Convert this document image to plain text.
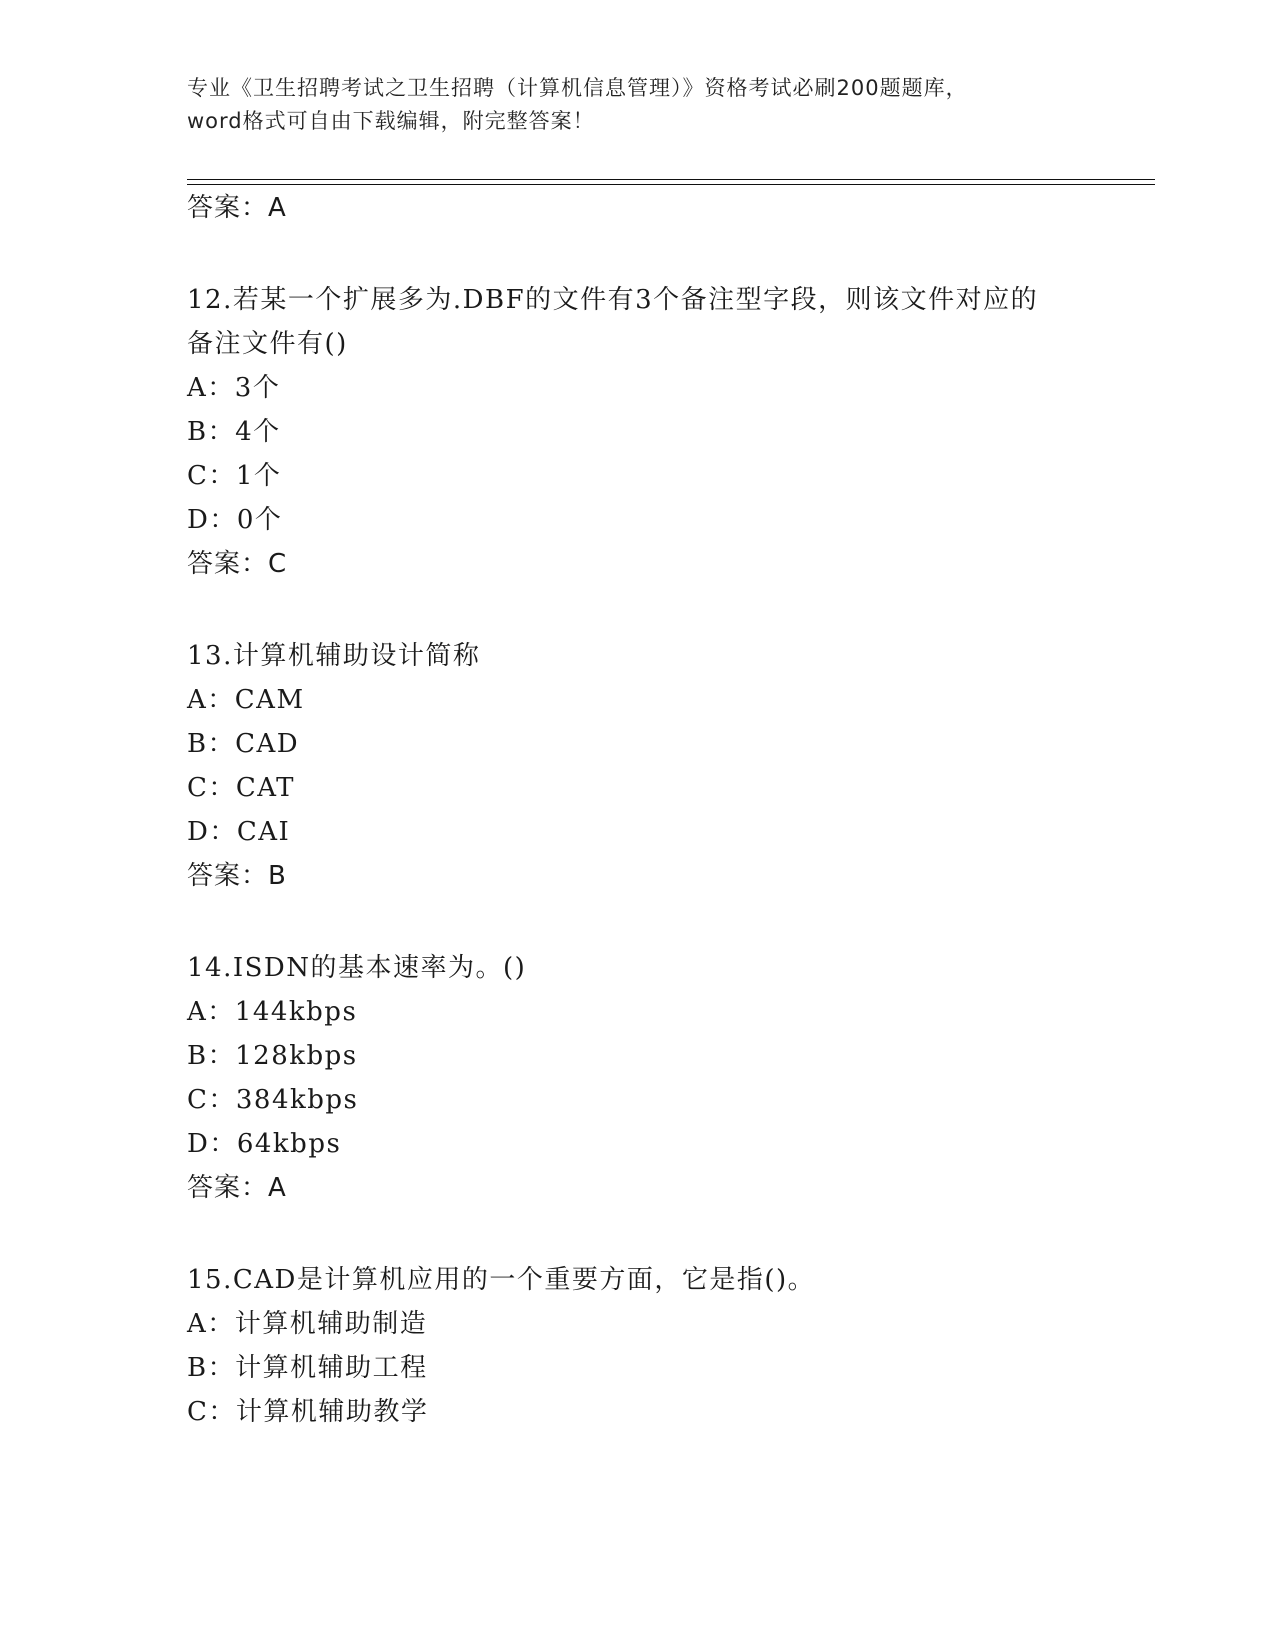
专业《卫生招聘考试之卫生招聘（计算机信息管理）》资格考试必刷200题题库，
word格式可自由下载编辑，附完整答案！
答案：A
12.若某一个扩展多为.DBF的文件有3个备注型字段，则该文件对应的
备注文件有()
A：3个
B：4个
C：1个
D：0个
答案：C
13.计算机辅助设计简称
A：CAM
B：CAD
C：CAT
D：CAI
答案：B
14.ISDN的基本速率为。()
A：144kbps
B：128kbps
C：384kbps
D：64kbps
答案：A
15.CAD是计算机应用的一个重要方面，它是指()。
A：计算机辅助制造
B：计算机辅助工程
C：计算机辅助教学
